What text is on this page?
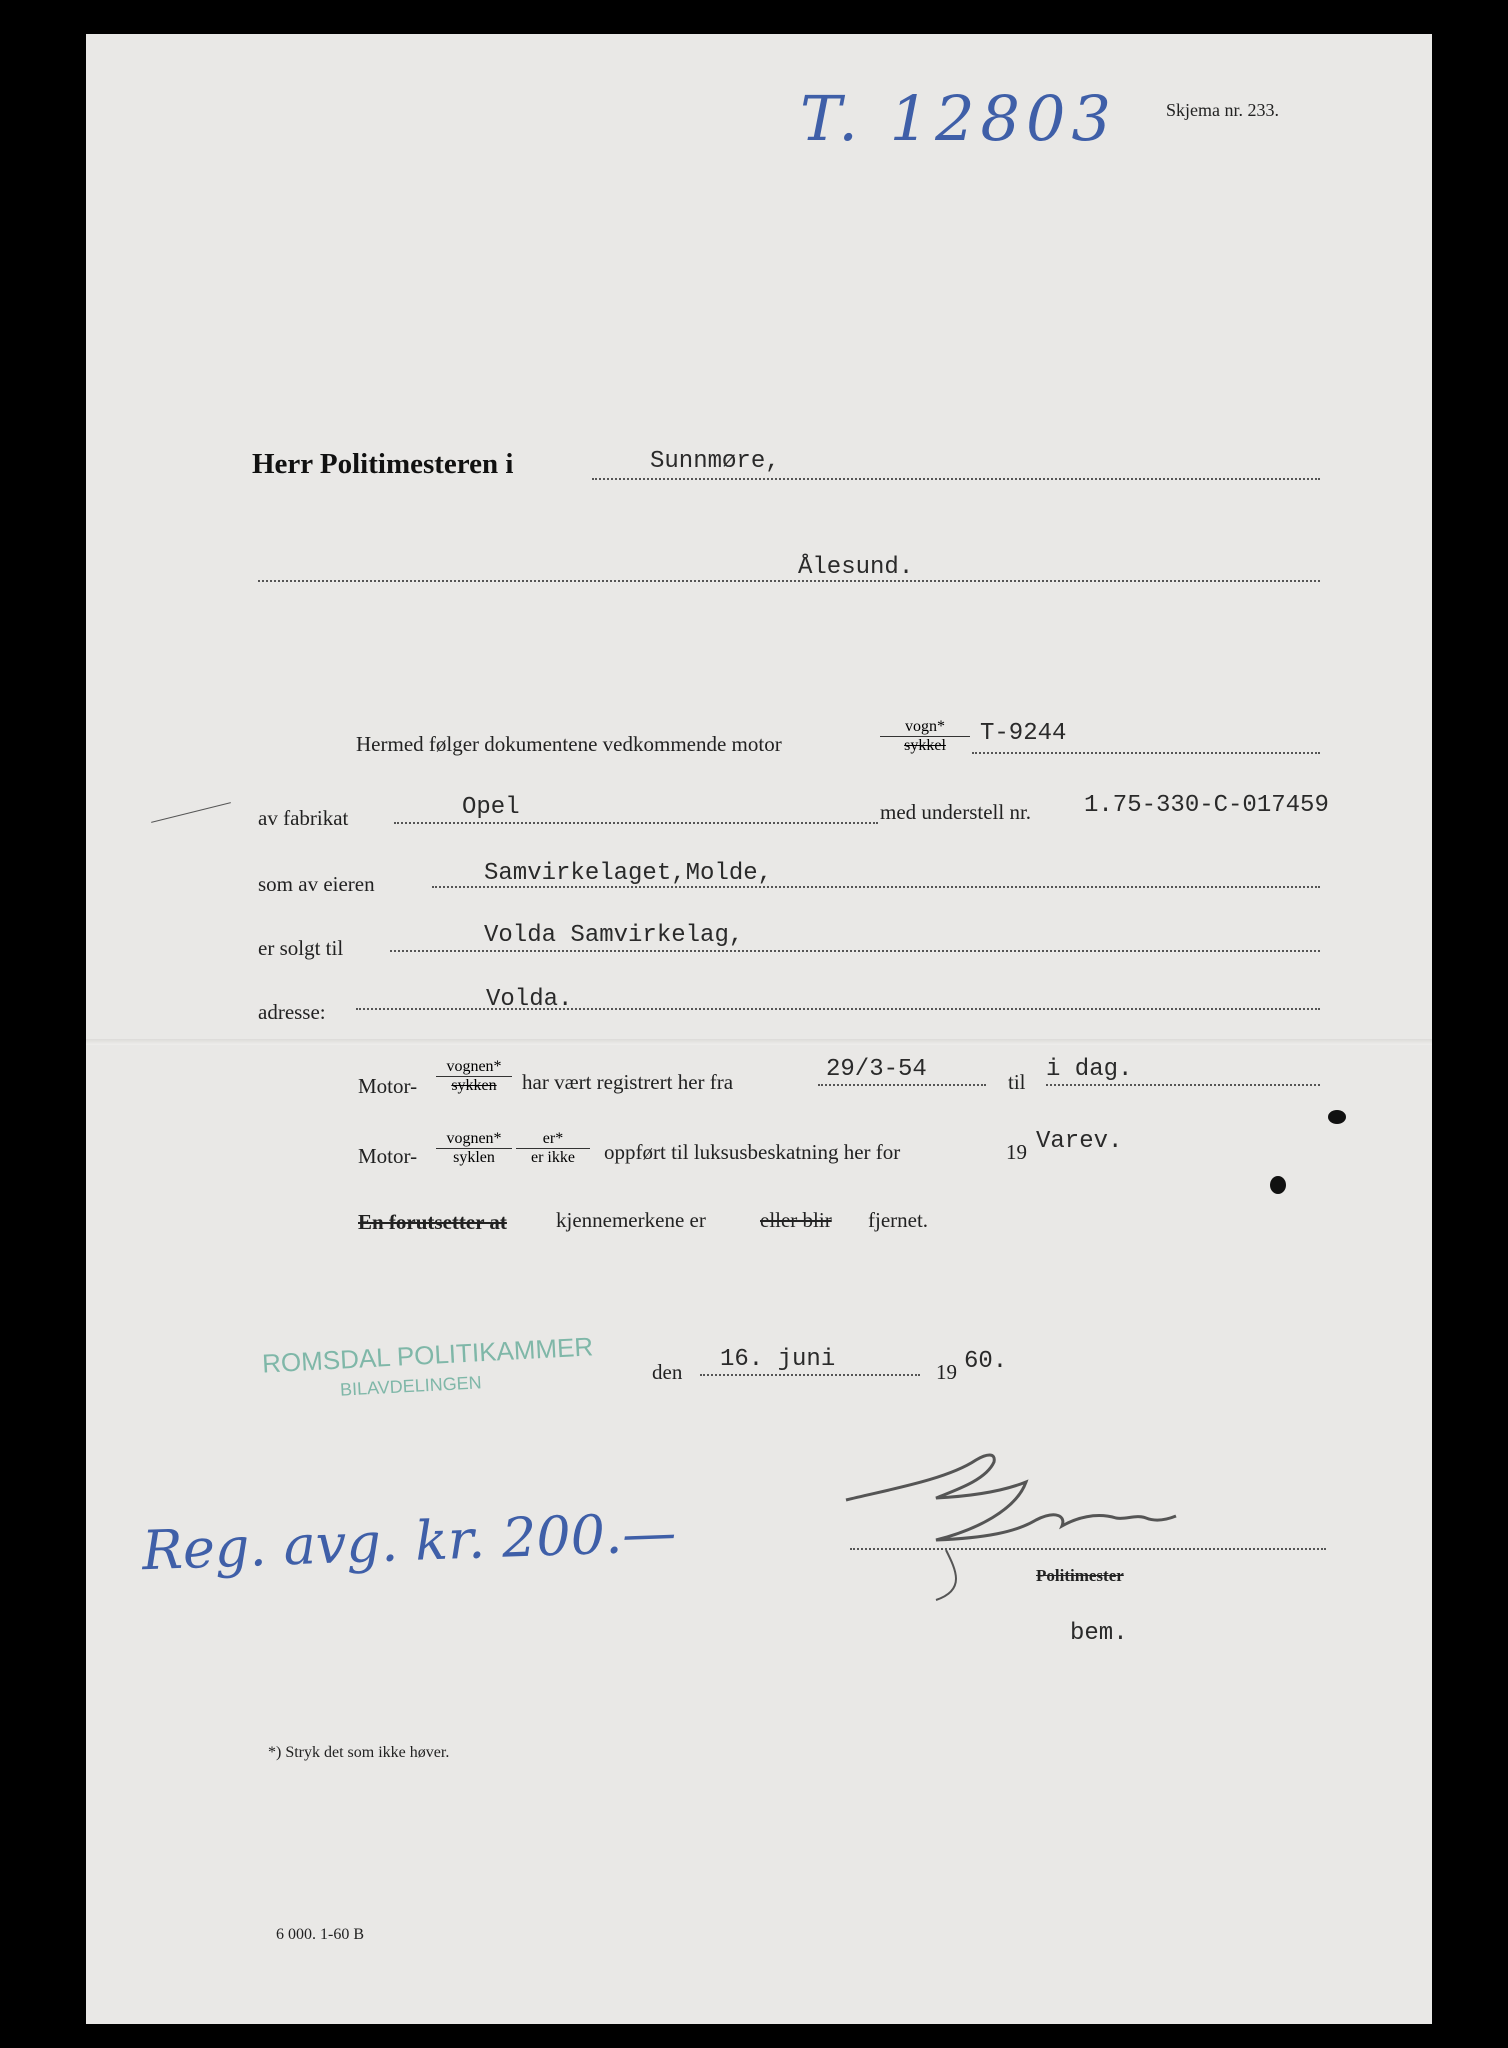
T. 12803	Skjema nr. 233.
Herr Politimesteren i	Sunnmøre,
Ålesund.
Hermed følger dokumentene vedkommende motor
vogn*
sykkel	T-9244
av fabrikat	Opel	med understell nr. 1.75-330-C-017459
som av eieren	Samvirkelaget,Molde,
er solgt til	Volda Samvirkelag,
adresse:	Volda.
Motor-
vognen*
sykken	har vært registrert her fra	29/3-54	til i dag.
Motor-
vognen*
syklen
er*
er ikke	oppført til luksusbeskatning her for	19 Varev.
En forutsetter at kjennemerkene er	eller blir fjernet.
ROMSDAL POLITIKAMMER
BILAVDELINGEN
den 16. juni	19 60.
Reg. avg. kr. 200.—	Politimester
bem.
*) Stryk det som ikke høver.
6 000. 1-60 B
